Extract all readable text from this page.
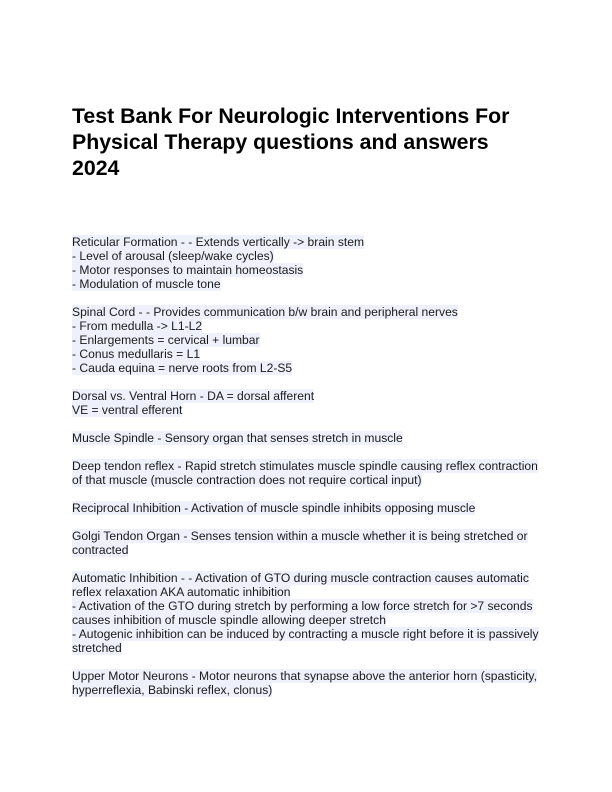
Test Bank For Neurologic Interventions For
Physical Therapy questions and answers
2024
Reticular Formation - - Extends vertically -> brain stem
- Level of arousal (sleep/wake cycles)
- Motor responses to maintain homeostasis
- Modulation of muscle tone
Spinal Cord - - Provides communication b/w brain and peripheral nerves
- From medulla -> L1-L2
- Enlargements = cervical + lumbar
- Conus medullaris = L1
- Cauda equina = nerve roots from L2-S5
Dorsal vs. Ventral Horn - DA = dorsal afferent
VE = ventral efferent
Muscle Spindle - Sensory organ that senses stretch in muscle
Deep tendon reflex - Rapid stretch stimulates muscle spindle causing reflex contraction
of that muscle (muscle contraction does not require cortical input)
Reciprocal Inhibition - Activation of muscle spindle inhibits opposing muscle
Golgi Tendon Organ - Senses tension within a muscle whether it is being stretched or
contracted
Automatic Inhibition - - Activation of GTO during muscle contraction causes automatic
reflex relaxation AKA automatic inhibition
- Activation of the GTO during stretch by performing a low force stretch for >7 seconds
causes inhibition of muscle spindle allowing deeper stretch
- Autogenic inhibition can be induced by contracting a muscle right before it is passively
stretched
Upper Motor Neurons - Motor neurons that synapse above the anterior horn (spasticity,
hyperreflexia, Babinski reflex, clonus)
